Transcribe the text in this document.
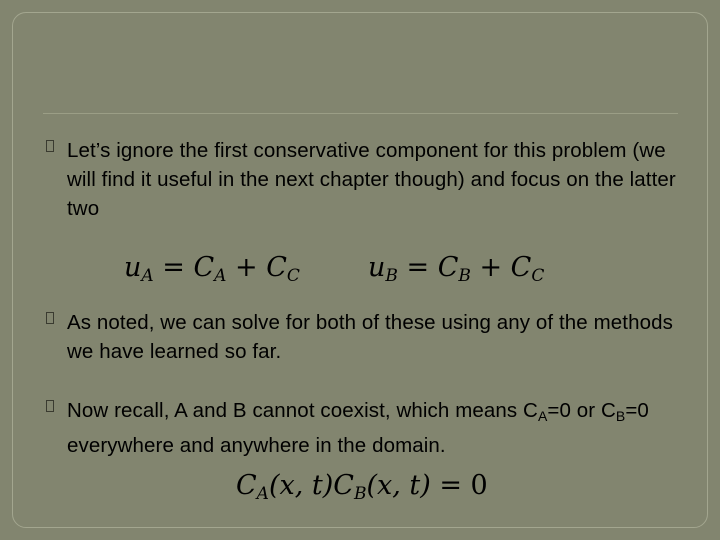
Let’s ignore the first conservative component for this problem (we will find it useful in the next chapter though) and focus on the latter two
$u_A = C_A + C_C$	$u_B = C_B + C_C$
As noted, we can solve for both of these using any of the methods we have learned so far.
Now recall, A and B cannot coexist, which means CA=0 or CB=0 everywhere and anywhere in the domain.
$C_A(x$, $t)C_B(x$, t) = 0
